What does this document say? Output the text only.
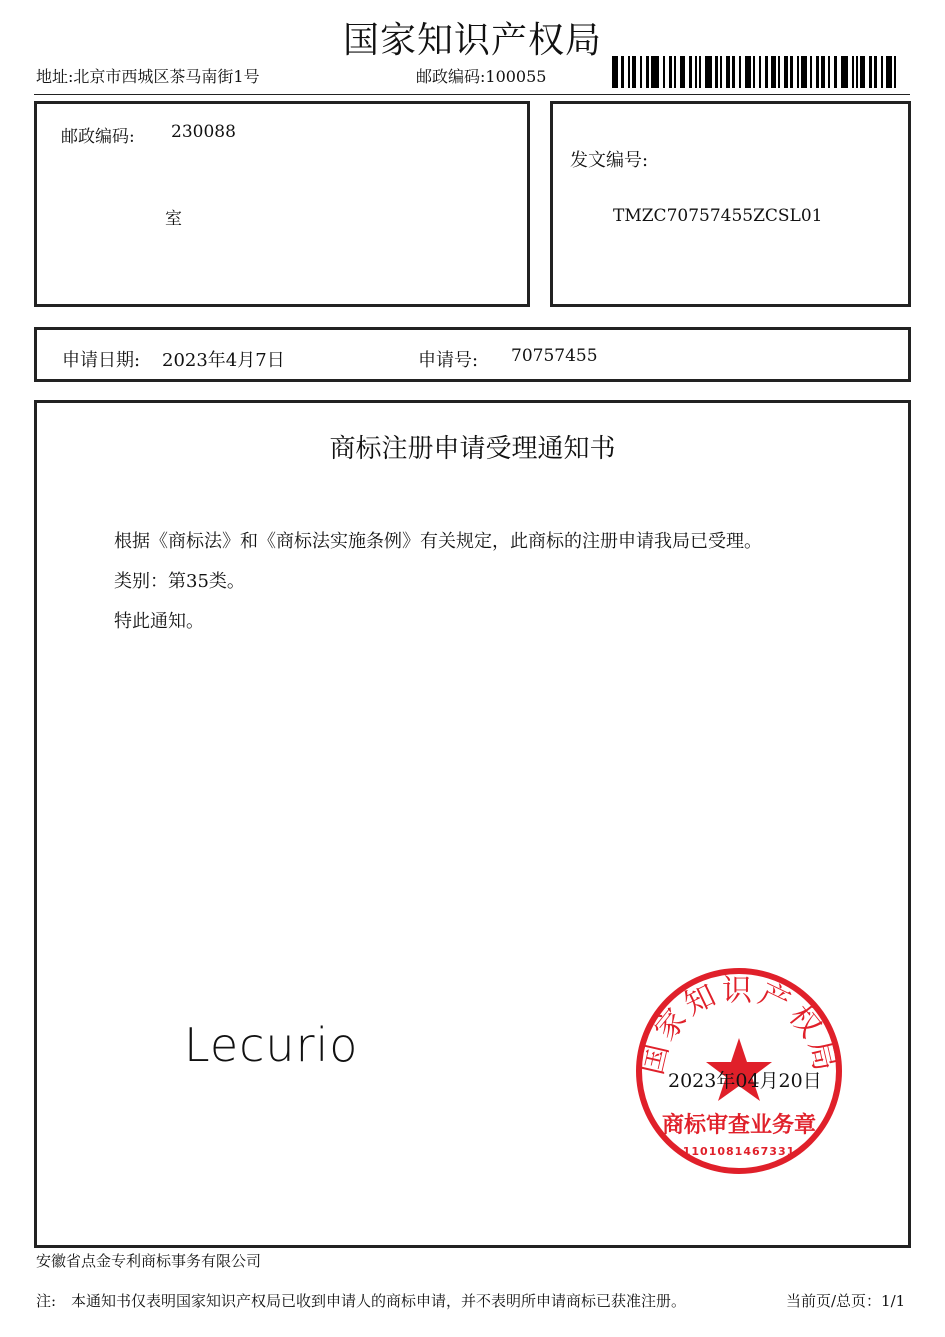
国家知识产权局
地址:北京市西城区茶马南街1号	邮政编码:100055
邮政编码: 230088
室
发文编号:
TMZC70757455ZCSL01
申请日期: 2023年4月7日	申请号: 70757455
商标注册申请受理通知书
根据《商标法》和《商标法实施条例》有关规定，此商标的注册申请我局已受理。
类别：第35类。
特此通知。
Lecurio	国家知识产权局
商标审查业务章
1101081467331
2023年04月20日
安徽省点金专利商标事务有限公司
注:　本通知书仅表明国家知识产权局已收到申请人的商标申请，并不表明所申请商标已获准注册。	当前页/总页：1/1
